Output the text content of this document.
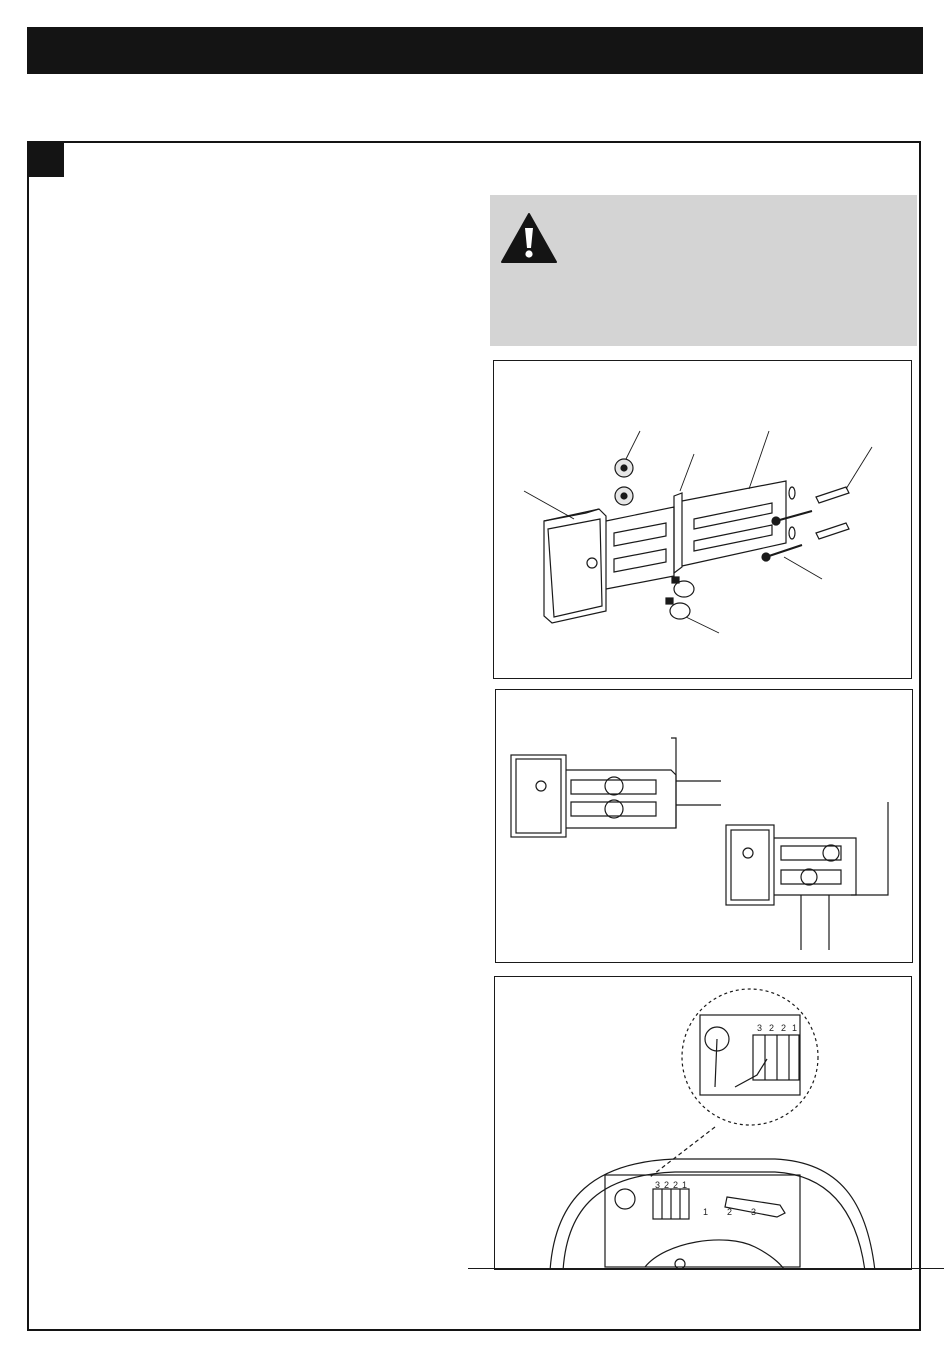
3 2 2 1
3 2 2 1
1 2 3
